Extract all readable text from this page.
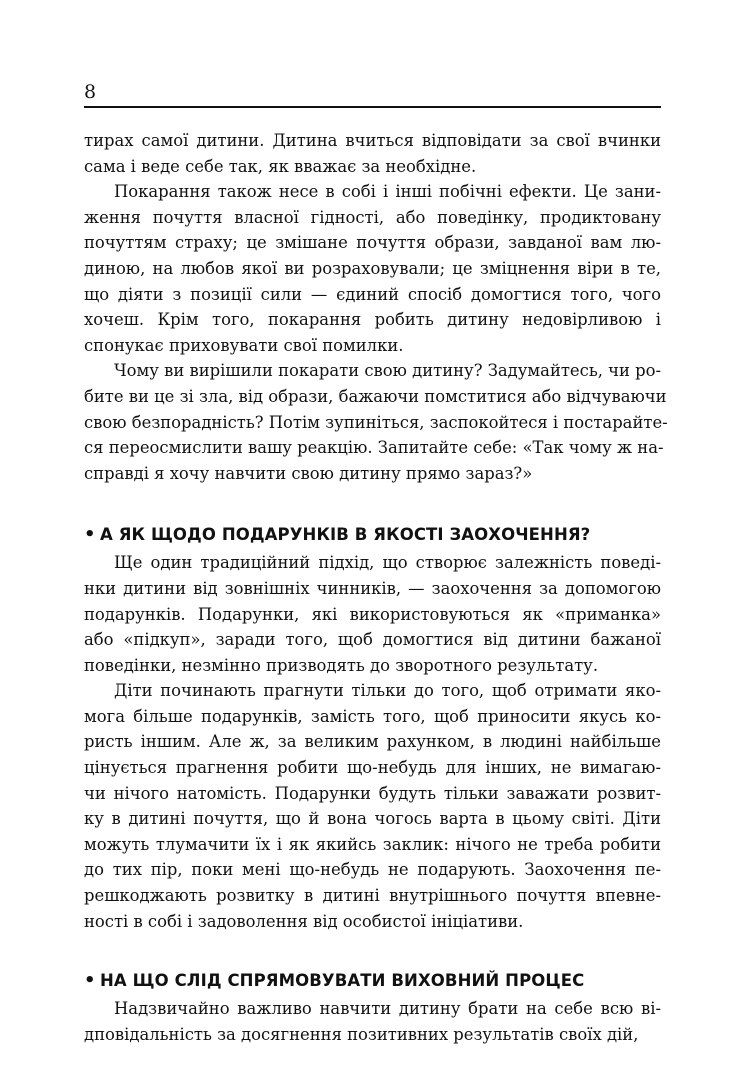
8

тирах самої дитини. Дитина вчиться відповідати за свої вчинки
сама і веде себе так, як вважає за необхідне.

Покарання також несе в собі і інші побічні ефекти. Це зани-
ження почуття власної гідності, або поведінку, продиктовану
почуттям страху; це змішане почуття образи, завданої вам лю-
диною, на любов якої ви розраховували; це зміцнення віри в те,
що діяти з позиції сили — єдиний спосіб домогтися того, чого
хочеш. Крім того, покарання робить дитину недовірливою і
спонукає приховувати свої помилки.

Чому ви вирішили покарати свою дитину? Задумайтесь, чи ро-
бите ви це зі зла, від образи, бажаючи помститися або відчуваючи
свою безпорадність? Потім зупиніться, заспокойтеся і постарайте-
ся переосмислити вашу реакцію. Запитайте себе: «Так чому ж на-
справді я хочу навчити свою дитину прямо зараз?»

• А ЯК ЩОДО ПОДАРУНКІВ В ЯКОСТІ ЗАОХОЧЕННЯ?

Ще один традиційний підхід, що створює залежність поведі-
нки дитини від зовнішніх чинників, — заохочення за допомогою
подарунків. Подарунки, які використовуються як «приманка»
або «підкуп», заради того, щоб домогтися від дитини бажаної
поведінки, незмінно призводять до зворотного результату.

Діти починають прагнути тільки до того, щоб отримати яко-
мога більше подарунків, замість того, щоб приносити якусь ко-
ристь іншим. Але ж, за великим рахунком, в людині найбільше
цінується прагнення робити що-небудь для інших, не вимагаю-
чи нічого натомість. Подарунки будуть тільки заважати розвит-
ку в дитині почуття, що й вона чогось варта в цьому світі. Діти
можуть тлумачити їх і як якийсь заклик: нічого не треба робити
до тих пір, поки мені що-небудь не подарують. Заохочення пе-
решкоджають розвитку в дитині внутрішнього почуття впевне-
ності в собі і задоволення від особистої ініціативи.

• НА ЩО СЛІД СПРЯМОВУВАТИ ВИХОВНИЙ ПРОЦЕС

Надзвичайно важливо навчити дитину брати на себе всю ві-
дповідальність за досягнення позитивних результатів своїх дій,
